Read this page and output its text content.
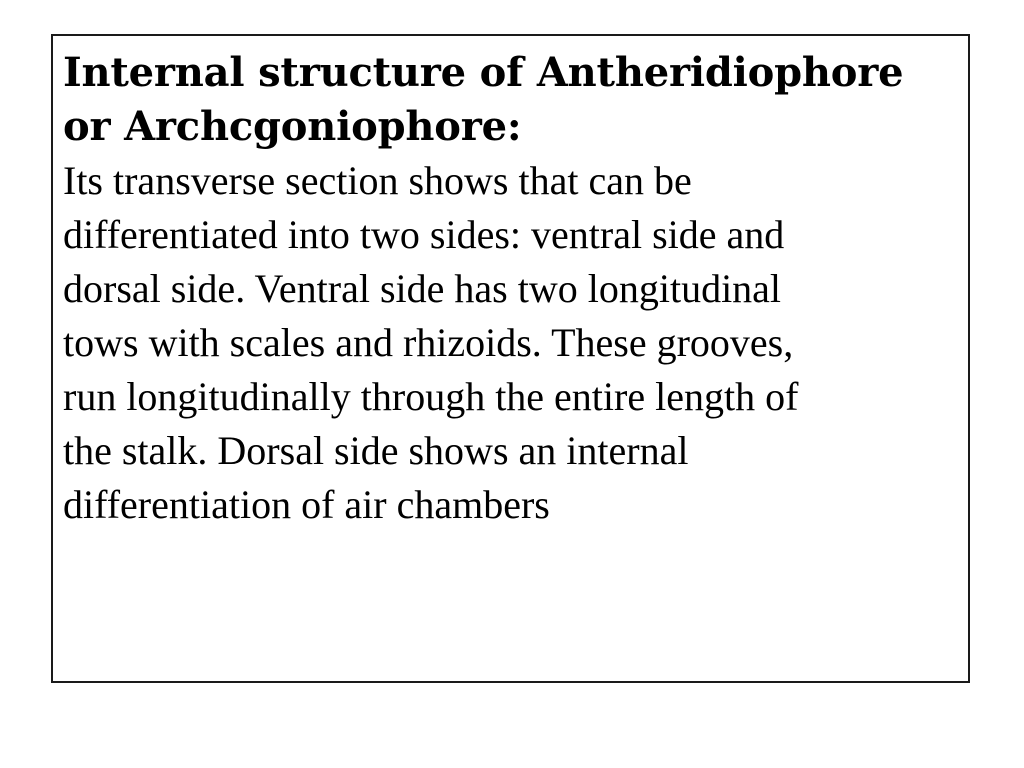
Internal structure of Antheridiophore
or Archcgoniophore:

Its transverse section shows that can be
differentiated into two sides: ventral side and
dorsal side. Ventral side has two longitudinal
tows with scales and rhizoids. These grooves,
run longitudinally through the entire length of
the stalk. Dorsal side shows an internal
differentiation of air chambers
